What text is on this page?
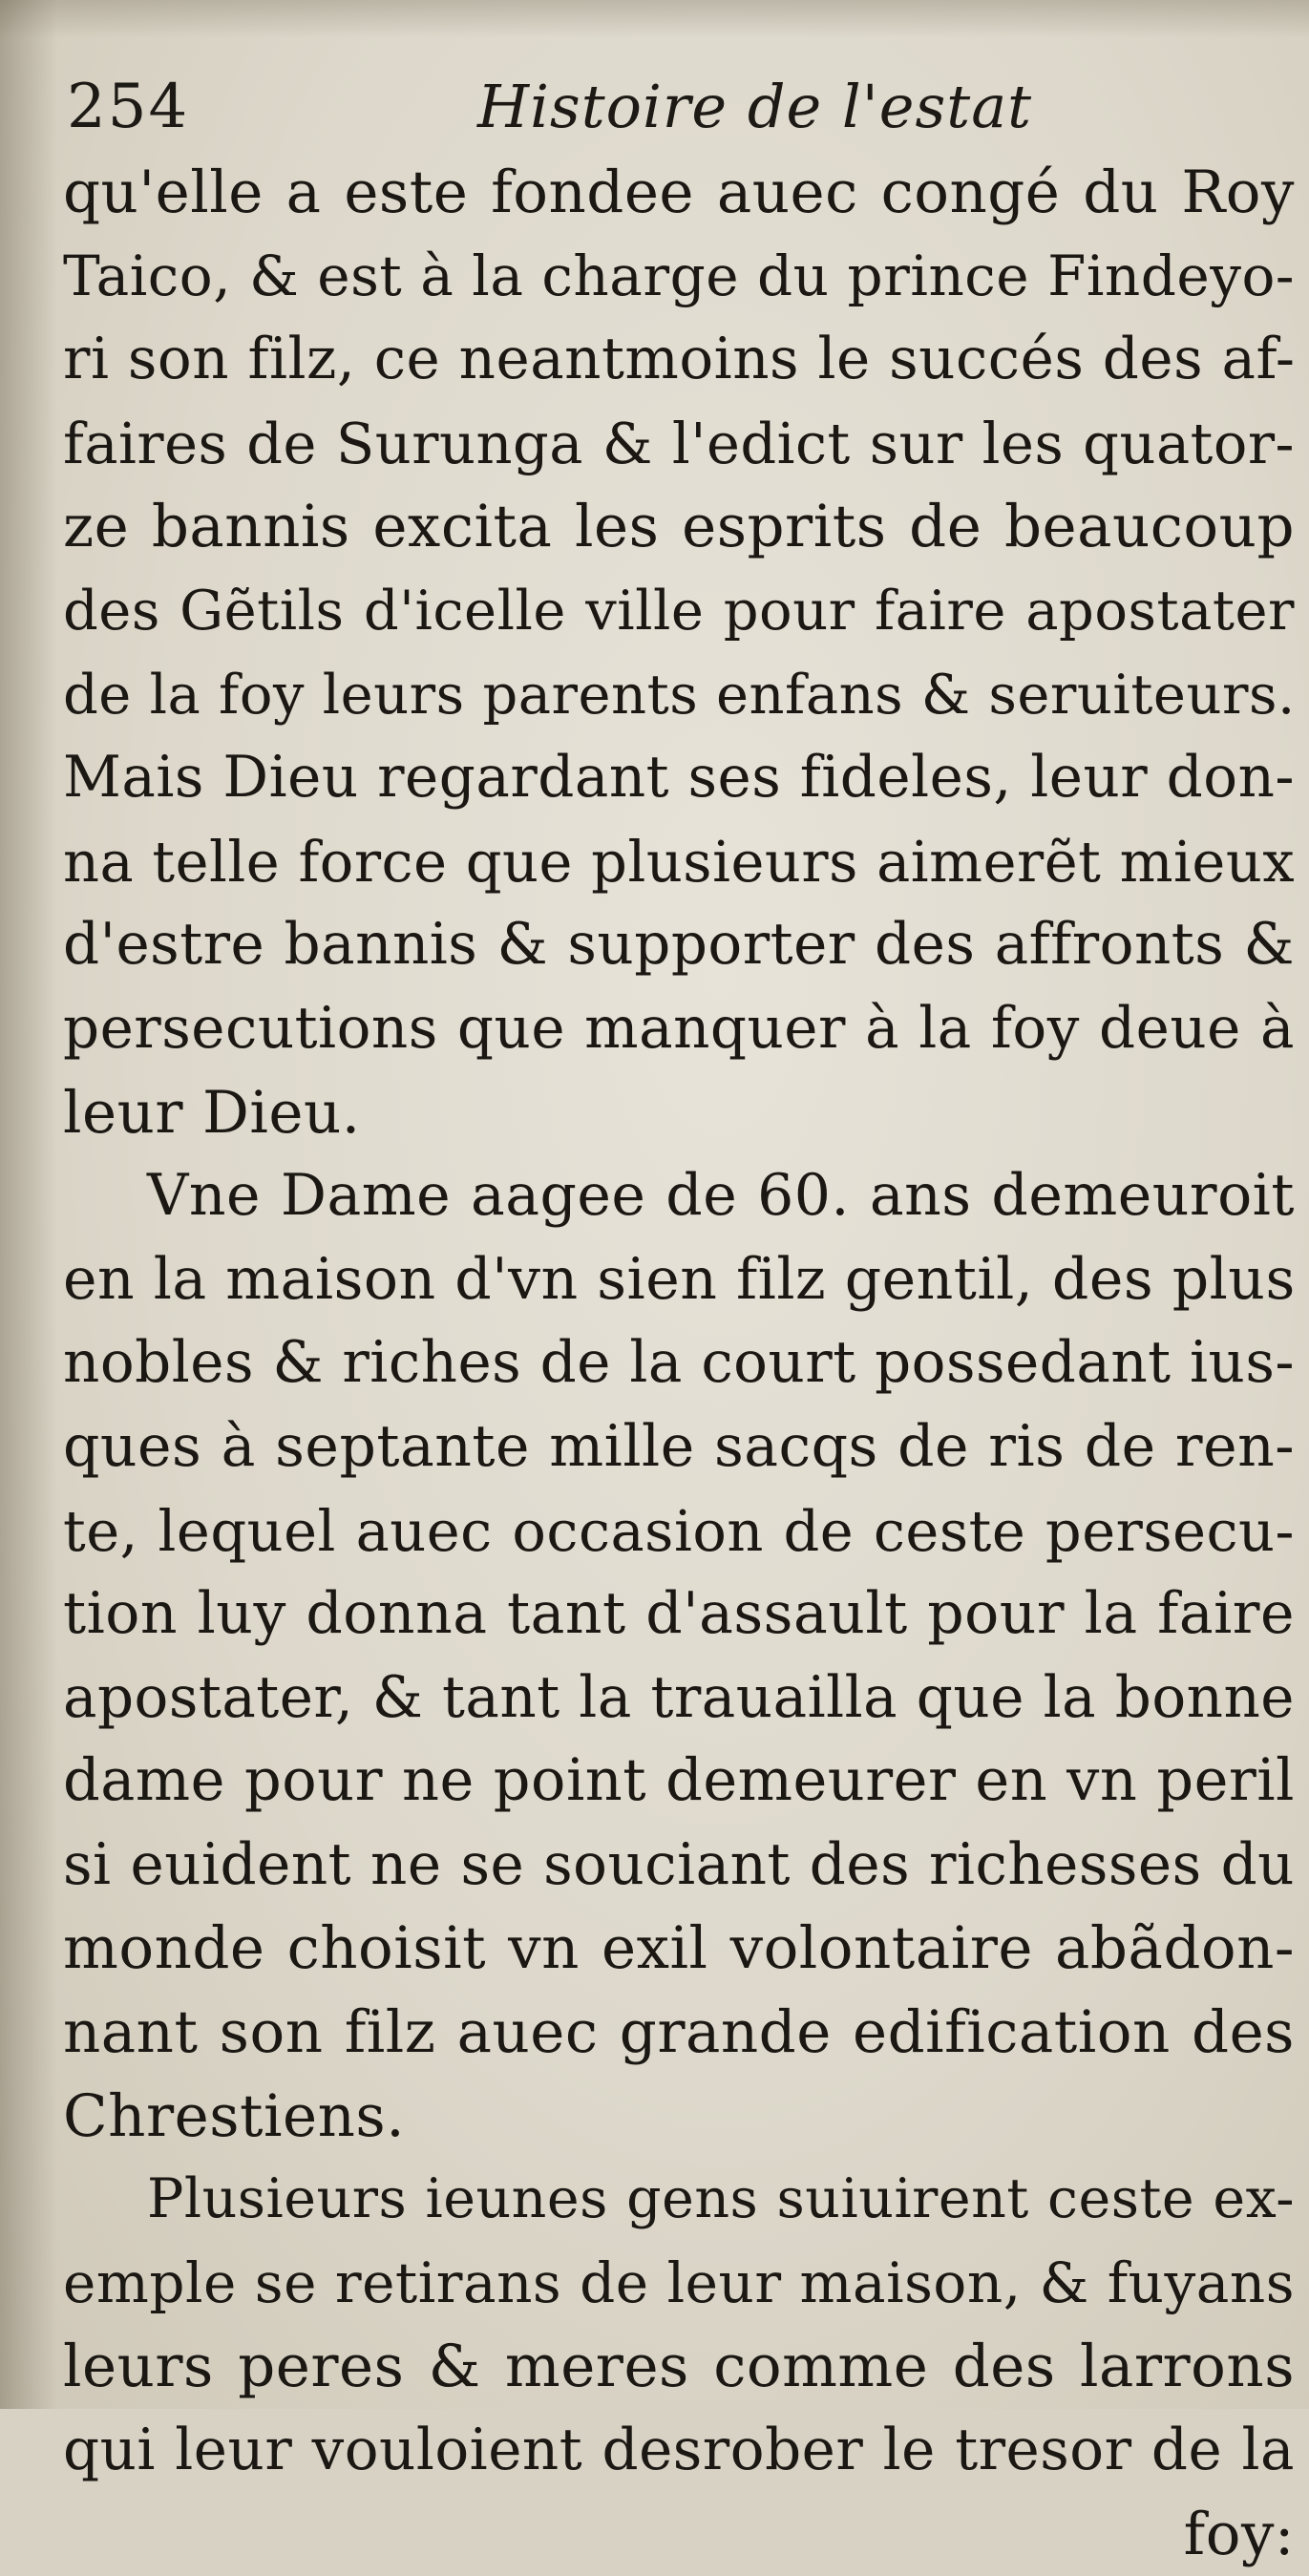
254	Histoire de l'estat
qu'elle a este fondee auec congé du Roy
Taico, & est à la charge du prince Findeyo-
ri son filz, ce neantmoins le succés des af-
faires de Surunga & l'edict sur les quator-
ze bannis excita les esprits de beaucoup
des Gẽtils d'icelle ville pour faire apostater
de la foy leurs parents enfans & seruiteurs.
Mais Dieu regardant ses fideles, leur don-
na telle force que plusieurs aimerẽt mieux
d'estre bannis & supporter des affronts &
persecutions que manquer à la foy deue à
leur Dieu.
Vne Dame aagee de 60. ans demeuroit
en la maison d'vn sien filz gentil, des plus
nobles & riches de la court possedant ius-
ques à septante mille sacqs de ris de ren-
te, lequel auec occasion de ceste persecu-
tion luy donna tant d'assault pour la faire
apostater, & tant la trauailla que la bonne
dame pour ne point demeurer en vn peril
si euident ne se souciant des richesses du
monde choisit vn exil volontaire abãdon-
nant son filz auec grande edification des
Chrestiens.
Plusieurs ieunes gens suiuirent ceste ex-
emple se retirans de leur maison, & fuyans
leurs peres & meres comme des larrons
qui leur vouloient desrober le tresor de la
foy:
